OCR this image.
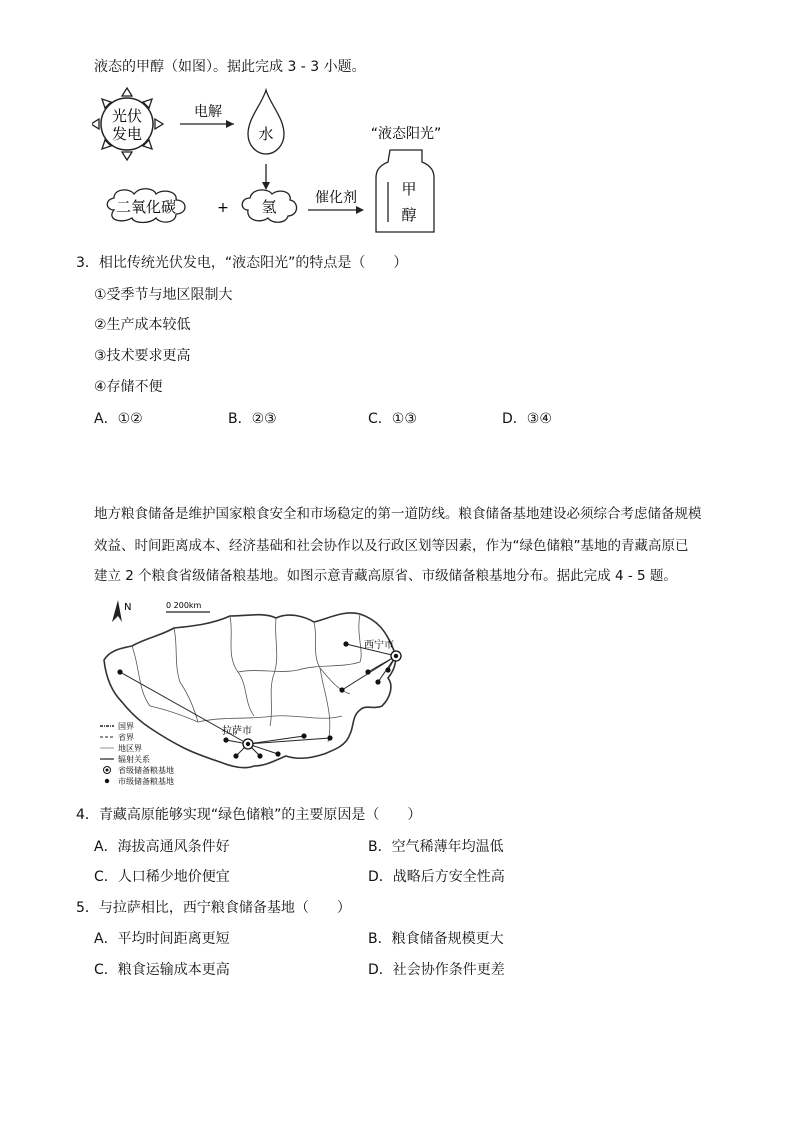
液态的甲醇（如图）。据此完成 3 - 3 小题。
光伏
发电
电解
水
二氧化碳	+ 氢	催化剂
“液态阳光”
甲
醇
3．相比传统光伏发电，“液态阳光”的特点是（　　）
①受季节与地区限制大
②生产成本较低
③技术要求更高
④存储不便
A．①②	B．②③	C．①③	D．③④
地方粮食储备是维护国家粮食安全和市场稳定的第一道防线。粮食储备基地建设必须综合考虑储备规模
效益、时间距离成本、经济基础和社会协作以及行政区划等因素，作为“绿色储粮”基地的青藏高原已
建立 2 个粮食省级储备粮基地。如图示意青藏高原省、市级储备粮基地分布。据此完成 4 - 5 题。
N	0 200km
拉萨市
西宁市
国界
省界
地区界
辐射关系
省级储备粮基地
市级储备粮基地
4．青藏高原能够实现“绿色储粮”的主要原因是（　　）
A．海拔高通风条件好	B．空气稀薄年均温低
C．人口稀少地价便宜	D．战略后方安全性高
5．与拉萨相比，西宁粮食储备基地（　　）
A．平均时间距离更短	B．粮食储备规模更大
C．粮食运输成本更高	D．社会协作条件更差
